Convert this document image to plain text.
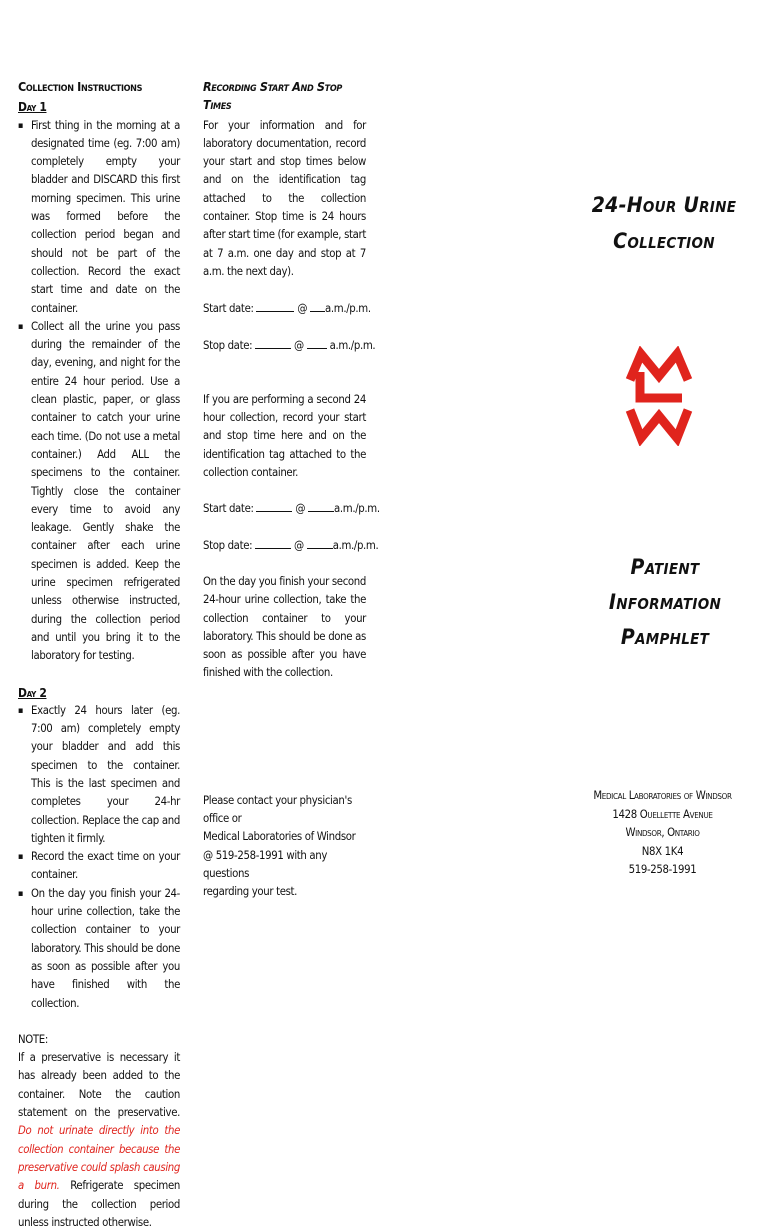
Collection Instructions
Day 1
▪ First thing in the morning at a designated time (eg. 7:00 am) completely empty your bladder and DISCARD this first morning specimen. This urine was formed before the collection period began and should not be part of the collection. Record the exact start time and date on the container.
▪ Collect all the urine you pass during the remainder of the day, evening, and night for the entire 24 hour period. Use a clean plastic, paper, or glass container to catch your urine each time. (Do not use a metal container.) Add ALL the specimens to the container. Tightly close the container every time to avoid any leakage. Gently shake the container after each urine specimen is added. Keep the urine specimen refrigerated unless otherwise instructed, during the collection period and until you bring it to the laboratory for testing.
Day 2
▪ Exactly 24 hours later (eg. 7:00 am) completely empty your bladder and add this specimen to the container. This is the last specimen and completes your 24-hr collection. Replace the cap and tighten it firmly.
▪ Record the exact time on your container.
▪ On the day you finish your 24-hour urine collection, take the collection container to your laboratory. This should be done as soon as possible after you have finished with the collection.
NOTE:
If a preservative is necessary it has already been added to the container. Note the caution statement on the preservative. Do not urinate directly into the collection container because the preservative could splash causing a burn. Refrigerate specimen during the collection period unless instructed otherwise.
Recording Start And Stop Times
For your information and for laboratory documentation, record your start and stop times below and on the identification tag attached to the collection container. Stop time is 24 hours after start time (for example, start at 7 a.m. one day and stop at 7 a.m. the next day).

Start date:	@ a.m./p.m.

Stop date:	@ a.m./p.m.

If you are performing a second 24 hour collection, record your start and stop time here and on the identification tag attached to the collection container.

Start date:	@	a.m./p.m.

Stop date:	@	a.m./p.m.

On the day you finish your second 24-hour urine collection, take the collection container to your laboratory. This should be done as soon as possible after you have finished with the collection.
Please contact your physician's office or
Medical Laboratories of Windsor
@ 519-258-1991 with any questions
regarding your test.
24-Hour Urine
Collection
Patient
Information
Pamphlet
Medical Laboratories of Windsor
1428 Ouellette Avenue
Windsor, Ontario
N8X 1K4
519-258-1991
